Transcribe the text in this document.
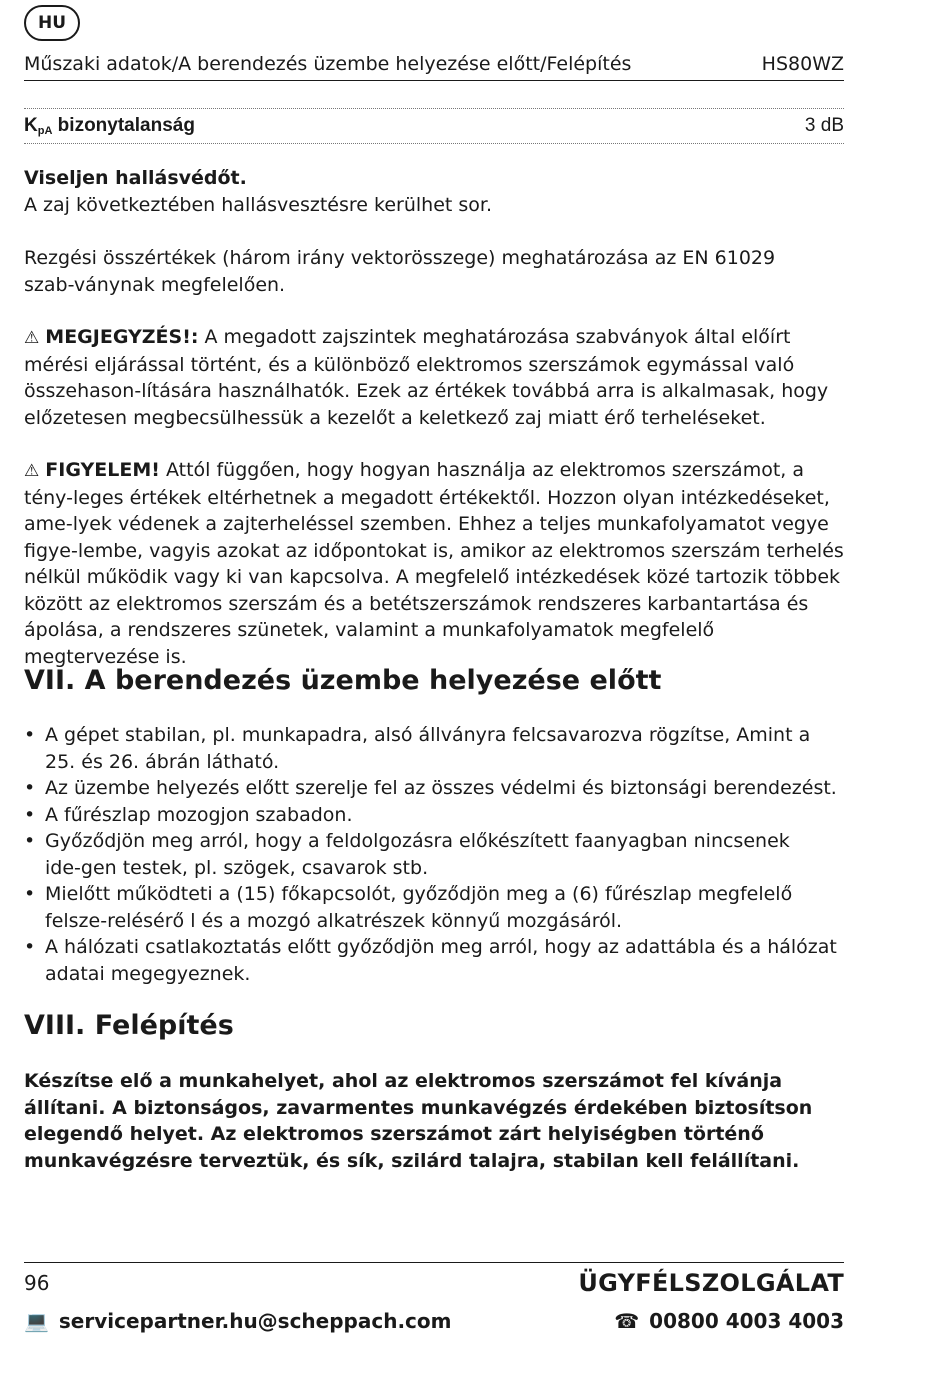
HU
Műszaki adatok/A berendezés üzembe helyezése előtt/Felépítés	HS80WZ
$K_{pA}$ bizonytalanság	3 dB

Viseljen hallásvédőt.
A zaj következtében hallásvesztésre kerülhet sor.

Rezgési összértékek (három irány vektorösszege) meghatározása az EN 61029 szab-ványnak megfelelően.

⚠ MEGJEGYZÉS!: A megadott zajszintek meghatározása szabványok által előírt mérési eljárással történt, és a különböző elektromos szerszámok egymással való összehason-lítására használhatók. Ezek az értékek továbbá arra is alkalmasak, hogy előzetesen megbecsülhessük a kezelőt a keletkező zaj miatt érő terheléseket.

⚠ FIGYELEM! Attól függően, hogy hogyan használja az elektromos szerszámot, a tény-leges értékek eltérhetnek a megadott értékektől. Hozzon olyan intézkedéseket, ame-lyek védenek a zajterheléssel szemben. Ehhez a teljes munkafolyamatot vegye figye-lembe, vagyis azokat az időpontokat is, amikor az elektromos szerszám terhelés nélkül működik vagy ki van kapcsolva. A megfelelő intézkedések közé tartozik többek között az elektromos szerszám és a betétszerszámok rendszeres karbantartása és ápolása, a rendszeres szünetek, valamint a munkafolyamatok megfelelő megtervezése is.

VII. A berendezés üzembe helyezése előtt
• A gépet stabilan, pl. munkapadra, alsó állványra felcsavarozva rögzítse, Amint a 25. és 26. ábrán látható.
• Az üzembe helyezés előtt szerelje fel az összes védelmi és biztonsági berendezést.
• A fűrészlap mozogjon szabadon.
• Győződjön meg arról, hogy a feldolgozásra előkészített faanyagban nincsenek ide-gen testek, pl. szögek, csavarok stb.
• Mielőtt működteti a (15) főkapcsolót, győződjön meg a (6) fűrészlap megfelelő felsze-relésérő l és a mozgó alkatrészek könnyű mozgásáról.
• A hálózati csatlakoztatás előtt győződjön meg arról, hogy az adattábla és a hálózat adatai megegyeznek.
VIII. Felépítés

Készítse elő a munkahelyet, ahol az elektromos szerszámot fel kívánja állítani. A biztonságos, zavarmentes munkavégzés érdekében biztosítson elegendő helyet. Az elektromos szerszámot zárt helyiségben történő munkavégzésre terveztük, és sík, szilárd talajra, stabilan kell felállítani.

96	ÜGYFÉLSZOLGÁLAT
💻 servicepartner.hu@scheppach.com	☎ 00800 4003 4003
